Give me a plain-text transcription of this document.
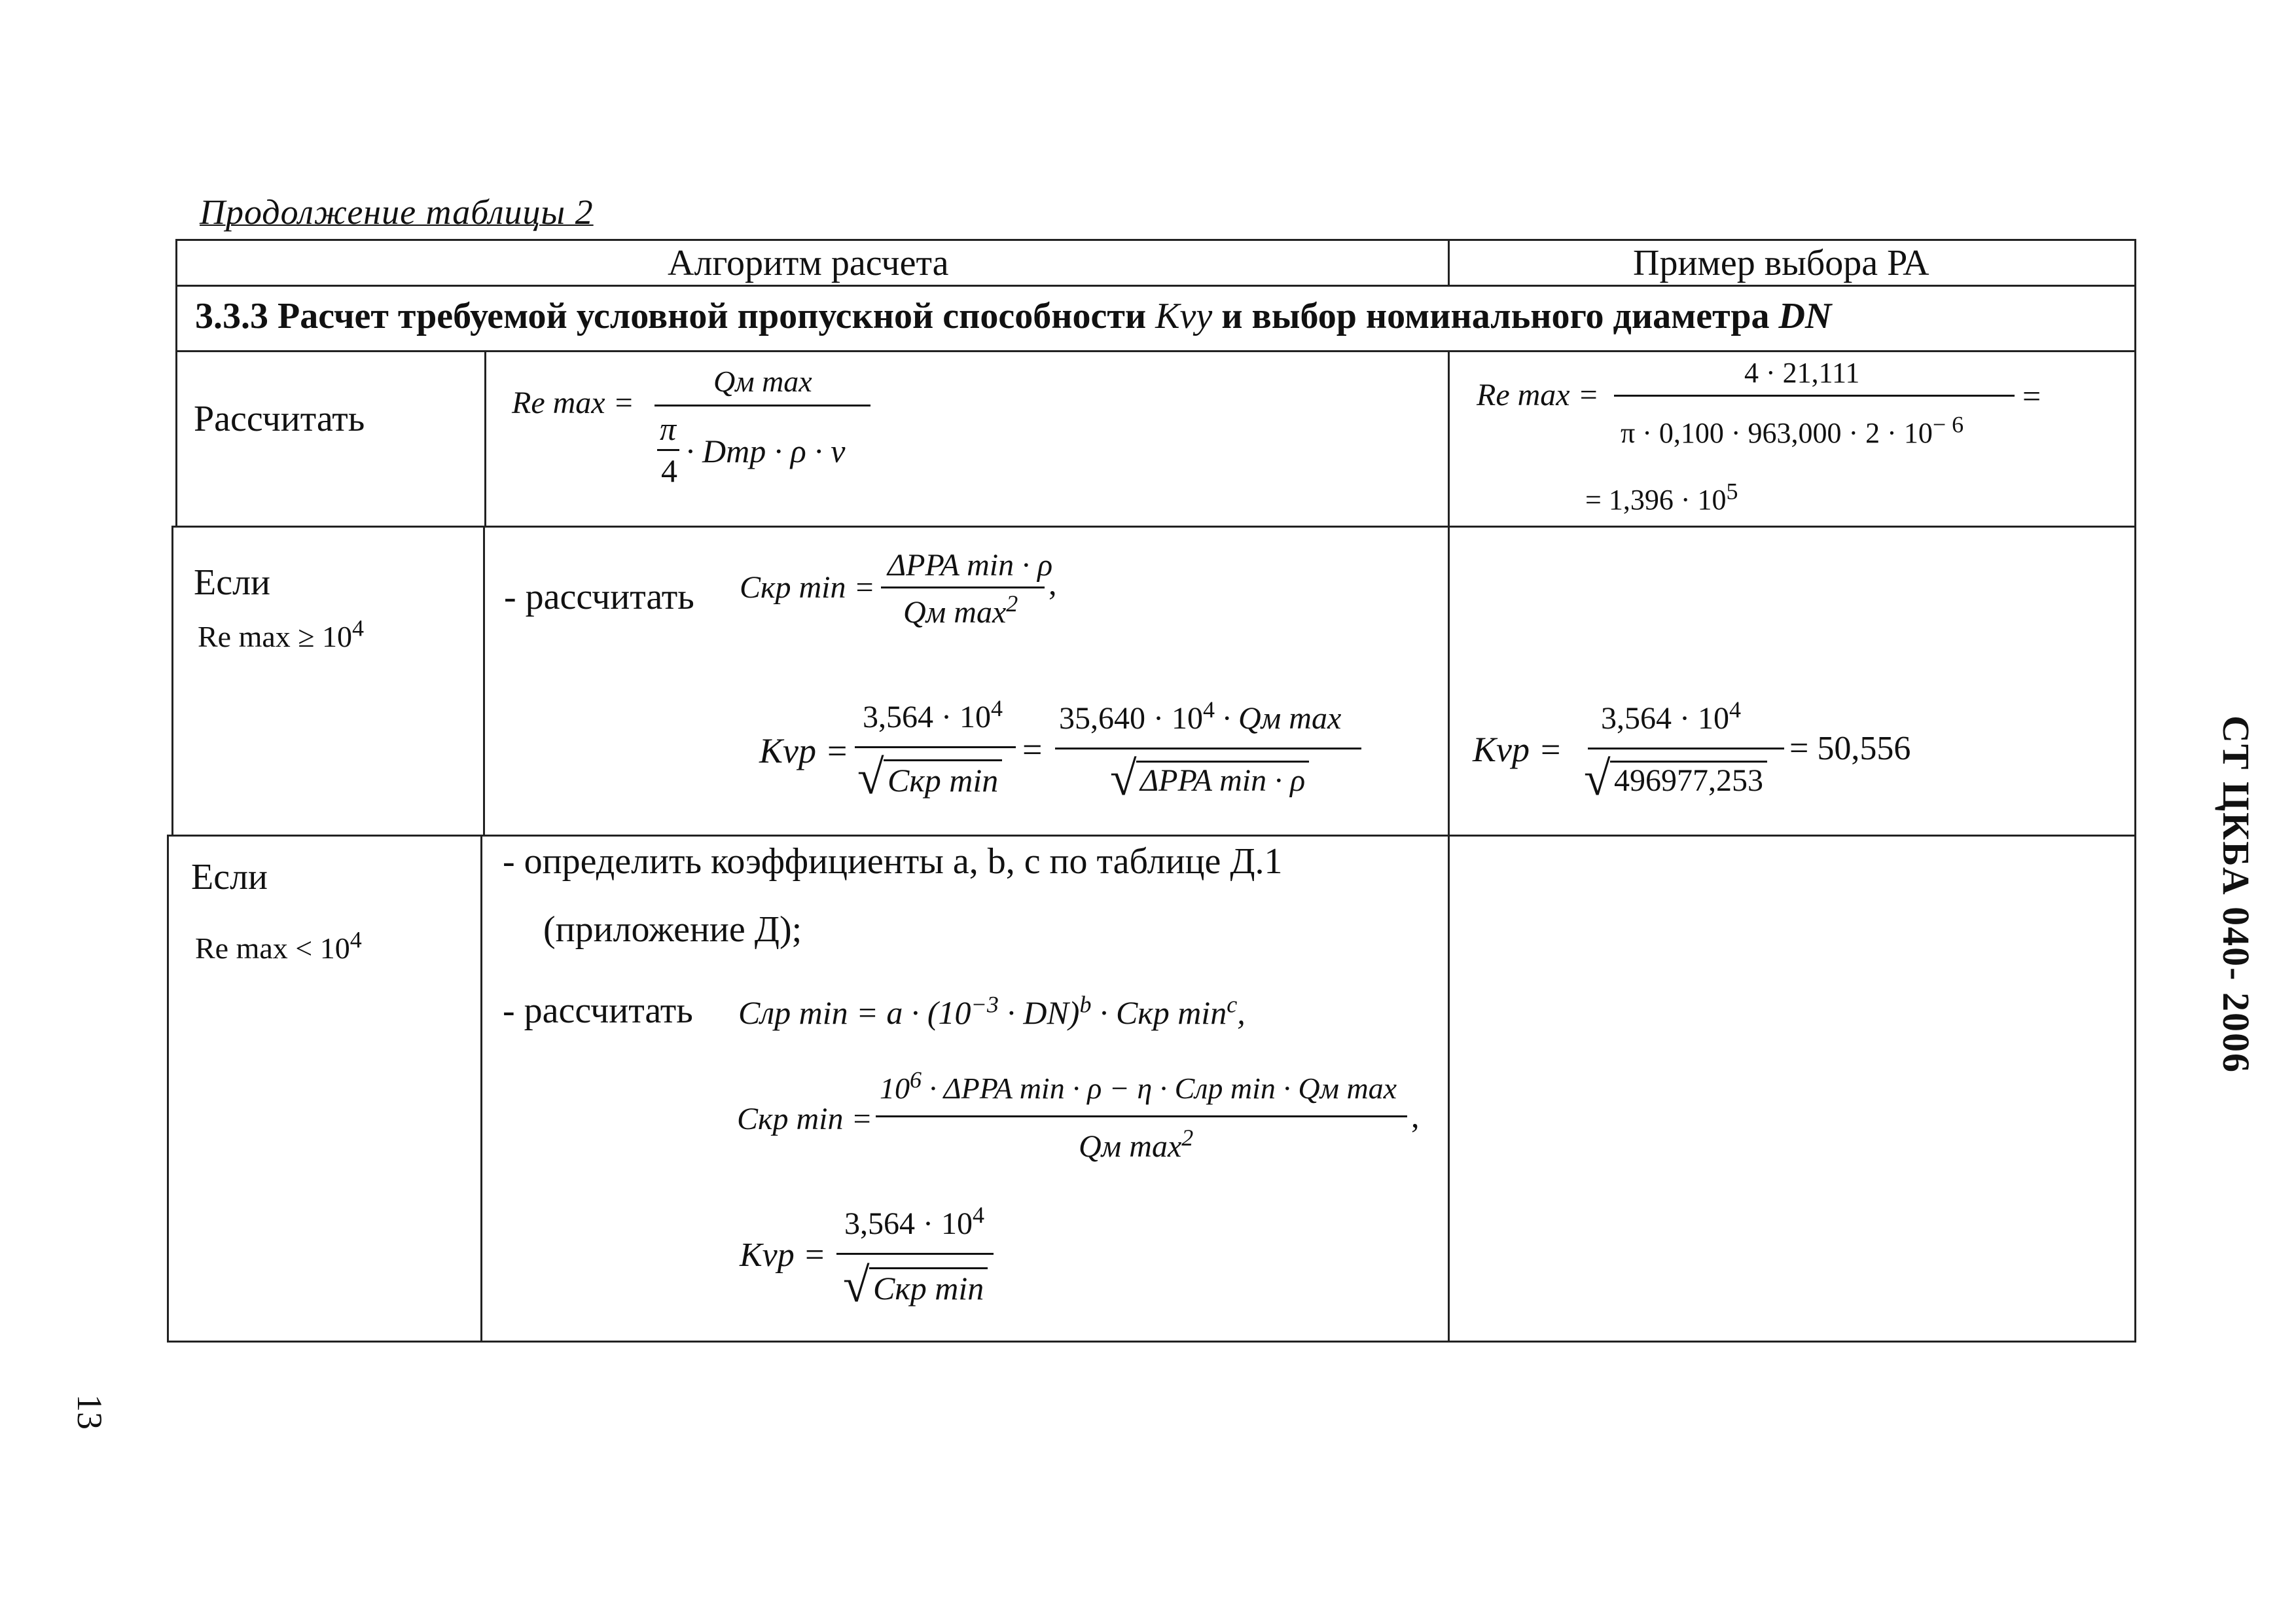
Продолжение таблицы 2
Алгоритм расчета	Пример выбора РА
3.3.3 Расчет требуемой условной пропускной способности Kvy и выбор номинального диаметра DN
Рассчитать	Re max =
Qм max
π
4
· Dmp · ρ · v
Re max =
4 · 21,111
$\pi \cdot 0,100 \cdot 963,000 \cdot 2 \cdot 10^{- 6}$
=
= $1,396 \cdot 10^5$
Если
Re $\max \ge 10^4$
- рассчитать Cкр min =
ΔPPA min · ρ
Qм $\max^2$
,
Kvp =
$3,564 \cdot 10^4$
√ Cкр min
=
$35,640 \cdot 10^4$ · Qм max
√ ΔPPA min · ρ
Kvp =
$3,564 \cdot 10^4$
√ 496977,253
= 50,556
Если
Re $\max < 10^4$
- определить коэффициенты a, b, c по таблице Д.1
(приложение Д);
- рассчитать Cлр $\min = a \cdot (10^{-3} \cdot DN)^b$ · Cкр $\min^c$,
Cкр min =
$10^6 \cdot \Delta PPA$ min · ρ − η · Cлр min · Qм max
Qм $\max^2$
,
Kvp =
$3,564 \cdot 10^4$
√ Cкр min
СТ ЦКБА 040- 2006
13
